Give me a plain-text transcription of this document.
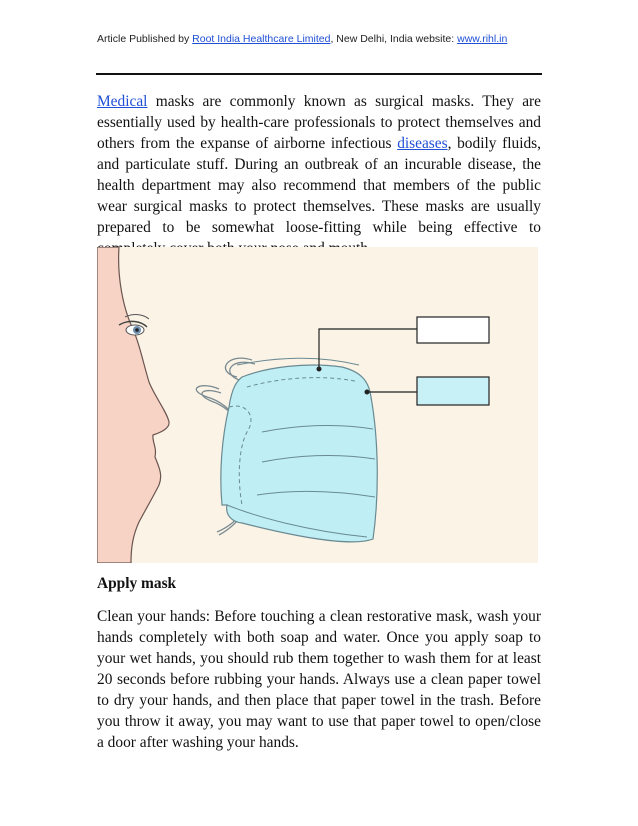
Article Published by Root India Healthcare Limited, New Delhi, India website: www.rihl.in

Medical masks are commonly known as surgical masks. They are essentially used by health-care professionals to protect themselves and others from the expanse of airborne infectious diseases, bodily fluids, and particulate stuff. During an outbreak of an incurable disease, the health department may also recommend that members of the public wear surgical masks to protect themselves. These masks are usually prepared to be somewhat loose-fitting while being effective to

Apply mask

Clean your hands: Before touching a clean restorative mask, wash your hands completely with both soap and water. Once you apply soap to your wet hands, you should rub them together to wash them for at least 20 seconds before rubbing your hands. Always use a clean paper towel to dry your hands, and then place that paper towel in the trash. Before you throw it away, you may want to use that paper towel to open/close a door after washing your hands.
